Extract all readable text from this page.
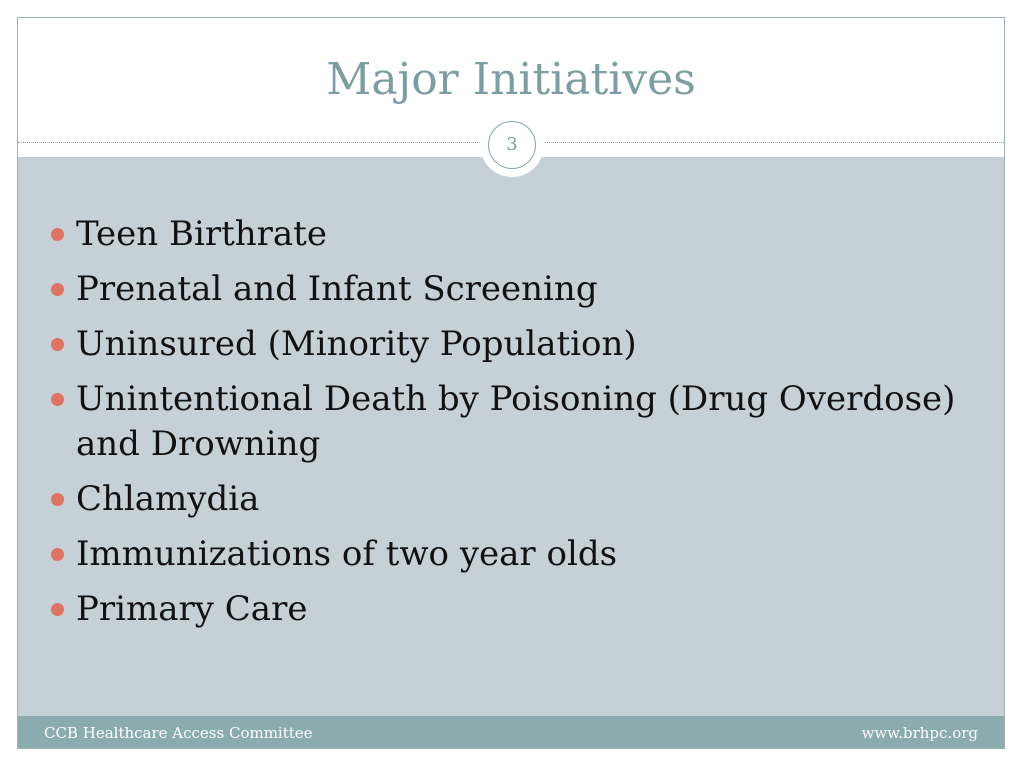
Major Initiatives
3
Teen Birthrate
Prenatal and Infant Screening
Uninsured (Minority Population)
Unintentional Death by Poisoning (Drug Overdose) and Drowning
Chlamydia
Immunizations of two year olds
Primary Care
CCB Healthcare Access Committee	www.brhpc.org
